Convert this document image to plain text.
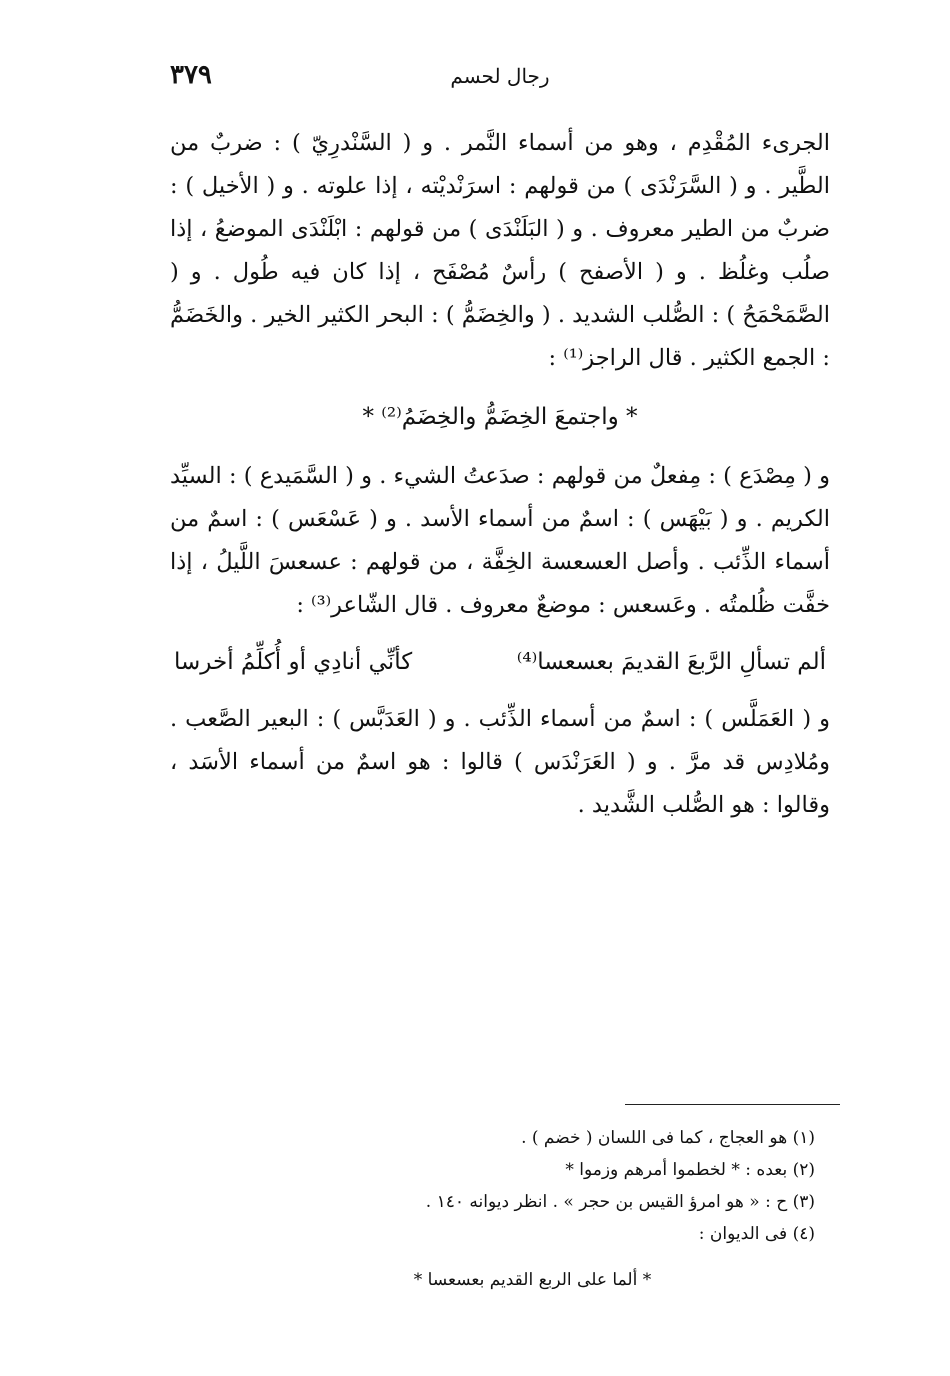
٣٧٩	رجال لحسم

الجرىء المُقْدِم ، وهو من أسماء النَّمر . و ( السَّنْدرِيّ ) : ضربٌ من الطَّير . و ( السَّرَنْدَى ) من قولهم : اسرَنْديْته ، إذا علوته . و ( الأخيل ) : ضربٌ من الطير معروف . و ( البَلَنْدَى ) من قولهم : ابْلَنْدَى الموضعُ ، إذا صلُب وغلُظ . و ( الأصفح ) رأسٌ مُصْفَح ، إذا كان فيه طُول . و ( الصَّمَحْمَحُ ) : الصُّلب الشديد . ( والخِضَمُّ ) : البحر الكثير الخير . والخَضَمُّ : الجمع الكثير . قال الراجز⁽¹⁾ :

* واجتمعَ الخِضَمُّ والخِضَمُ⁽²⁾ *

و ( مِصْدَع ) : مِفعلٌ من قولهم : صدَعتُ الشيء . و ( السَّمَيدع ) : السيِّد الكريم . و ( بَيْهَس ) : اسمٌ من أسماء الأسد . و ( عَسْعَس ) : اسمٌ من أسماء الذِّئب . وأصل العسعسة الخِفَّة ، من قولهم : عسعسَ اللَّيلُ ، إذا خفَّت ظُلمتُه . وعَسعس : موضعٌ معروف . قال الشّاعر⁽³⁾ :

ألم تسألِ الرَّبعَ القديمَ بعسعسا⁽⁴⁾
كأنِّي أنادِي أو أُكلِّمُ أخرسا

و ( العَمَلَّس ) : اسمٌ من أسماء الذِّئب . و ( العَدَبَّس ) : البعير الصَّعب . ومُلادِس قد مرَّ . و ( العَرَنْدَس ) قالوا : هو اسمٌ من أسماء الأسَد ، وقالوا : هو الصُّلب الشَّديد .

(١) هو العجاج ، كما فى اللسان ( خضم ) .

(٢) بعده : * لخطموا أمرهم وزموا *

(٣) ح : « هو امرؤ القيس بن حجر » . انظر ديوانه ١٤٠ .

(٤) فى الديوان :

* ألما على الربع القديم بعسعسا *
